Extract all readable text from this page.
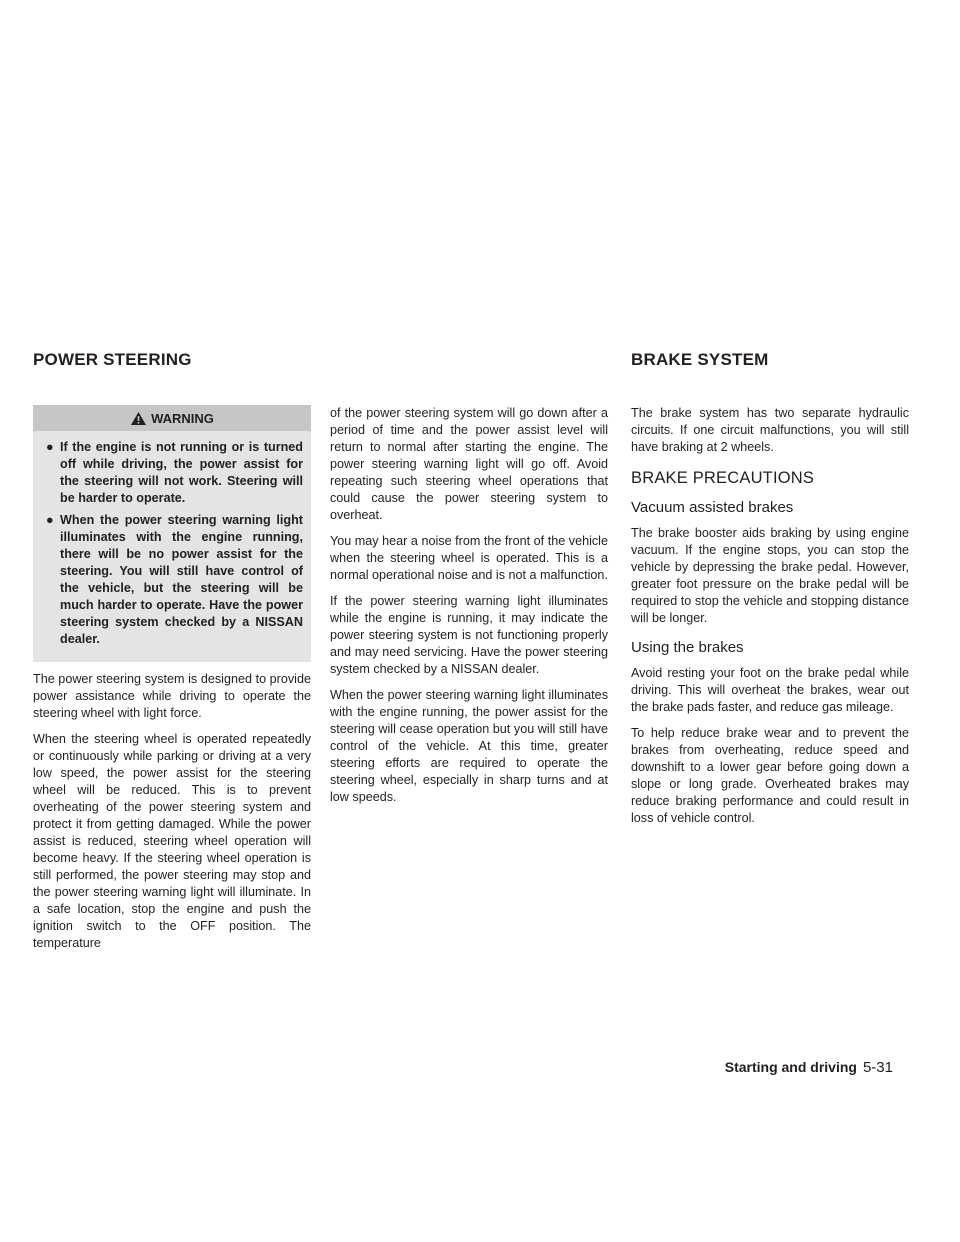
POWER STEERING	BRAKE SYSTEM
WARNING
● If the engine is not running or is turned off while driving, the power assist for the steering will not work. Steering will be harder to operate.
● When the power steering warning light illuminates with the engine running, there will be no power assist for the steering. You will still have control of the vehicle, but the steering will be much harder to operate. Have the power steering system checked by a NISSAN dealer.

The power steering system is designed to provide power assistance while driving to operate the steering wheel with light force.

When the steering wheel is operated repeatedly or continuously while parking or driving at a very low speed, the power assist for the steering wheel will be reduced. This is to prevent overheating of the power steering system and protect it from getting damaged. While the power assist is reduced, steering wheel operation will become heavy. If the steering wheel operation is still performed, the power steering may stop and the power steering warning light will illuminate. In a safe location, stop the engine and push the ignition switch to the OFF position. The temperature

of the power steering system will go down after a period of time and the power assist level will return to normal after starting the engine. The power steering warning light will go off. Avoid repeating such steering wheel operations that could cause the power steering system to overheat.

You may hear a noise from the front of the vehicle when the steering wheel is operated. This is a normal operational noise and is not a malfunction.

If the power steering warning light illuminates while the engine is running, it may indicate the power steering system is not functioning properly and may need servicing. Have the power steering system checked by a NISSAN dealer.

When the power steering warning light illuminates with the engine running, the power assist for the steering will cease operation but you will still have control of the vehicle. At this time, greater steering efforts are required to operate the steering wheel, especially in sharp turns and at low speeds.

The brake system has two separate hydraulic circuits. If one circuit malfunctions, you will still have braking at 2 wheels.

BRAKE PRECAUTIONS
Vacuum assisted brakes

The brake booster aids braking by using engine vacuum. If the engine stops, you can stop the vehicle by depressing the brake pedal. However, greater foot pressure on the brake pedal will be required to stop the vehicle and stopping distance will be longer.

Using the brakes

Avoid resting your foot on the brake pedal while driving. This will overheat the brakes, wear out the brake pads faster, and reduce gas mileage.

To help reduce brake wear and to prevent the brakes from overheating, reduce speed and downshift to a lower gear before going down a slope or long grade. Overheated brakes may reduce braking performance and could result in loss of vehicle control.

Starting and driving 5-31
